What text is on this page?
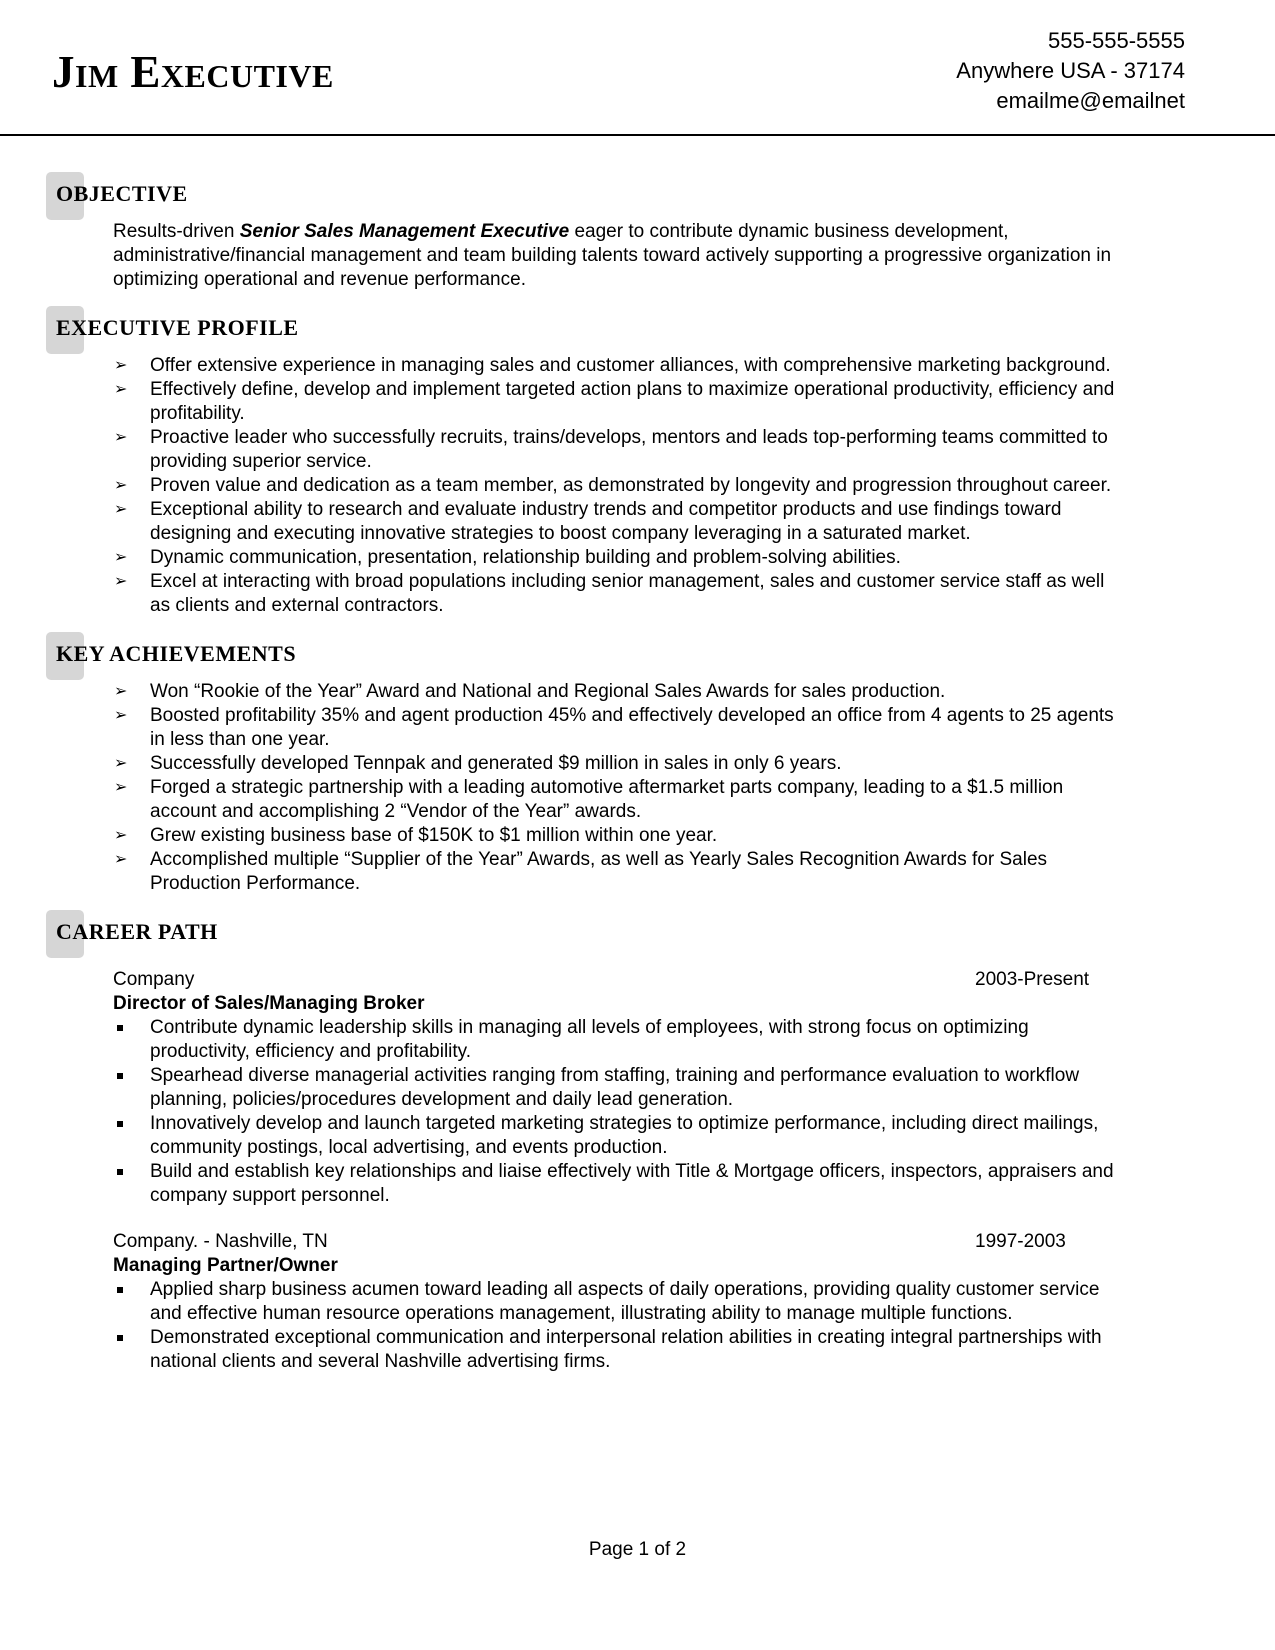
Jim Executive
555-555-5555
Anywhere USA - 37174
emailme@emailnet
OBJECTIVE

Results-driven Senior Sales Management Executive eager to contribute dynamic business development, administrative/financial management and team building talents toward actively supporting a progressive organization in optimizing operational and revenue performance.

EXECUTIVE PROFILE
➢ Offer extensive experience in managing sales and customer alliances, with comprehensive marketing background.
➢ Effectively define, develop and implement targeted action plans to maximize operational productivity, efficiency and profitability.
➢ Proactive leader who successfully recruits, trains/develops, mentors and leads top-performing teams committed to providing superior service.
➢ Proven value and dedication as a team member, as demonstrated by longevity and progression throughout career.
➢ Exceptional ability to research and evaluate industry trends and competitor products and use findings toward designing and executing innovative strategies to boost company leveraging in a saturated market.
➢ Dynamic communication, presentation, relationship building and problem-solving abilities.
➢ Excel at interacting with broad populations including senior management, sales and customer service staff as well as clients and external contractors.
KEY ACHIEVEMENTS
➢ Won “Rookie of the Year” Award and National and Regional Sales Awards for sales production.
➢ Boosted profitability 35% and agent production 45% and effectively developed an office from 4 agents to 25 agents in less than one year.
➢ Successfully developed Tennpak and generated $9 million in sales in only 6 years.
➢ Forged a strategic partnership with a leading automotive aftermarket parts company, leading to a $1.5 million account and accomplishing 2 “Vendor of the Year” awards.
➢ Grew existing business base of $150K to $1 million within one year.
➢ Accomplished multiple “Supplier of the Year” Awards, as well as Yearly Sales Recognition Awards for Sales Production Performance.
CAREER PATH
Company	2003-Present
Director of Sales/Managing Broker
Contribute dynamic leadership skills in managing all levels of employees, with strong focus on optimizing productivity, efficiency and profitability.
Spearhead diverse managerial activities ranging from staffing, training and performance evaluation to workflow planning, policies/procedures development and daily lead generation.
Innovatively develop and launch targeted marketing strategies to optimize performance, including direct mailings, community postings, local advertising, and events production.
Build and establish key relationships and liaise effectively with Title & Mortgage officers, inspectors, appraisers and company support personnel.
Company. - Nashville, TN	1997-2003
Managing Partner/Owner
Applied sharp business acumen toward leading all aspects of daily operations, providing quality customer service and effective human resource operations management, illustrating ability to manage multiple functions.
Demonstrated exceptional communication and interpersonal relation abilities in creating integral partnerships with national clients and several Nashville advertising firms.
Page 1 of 2
